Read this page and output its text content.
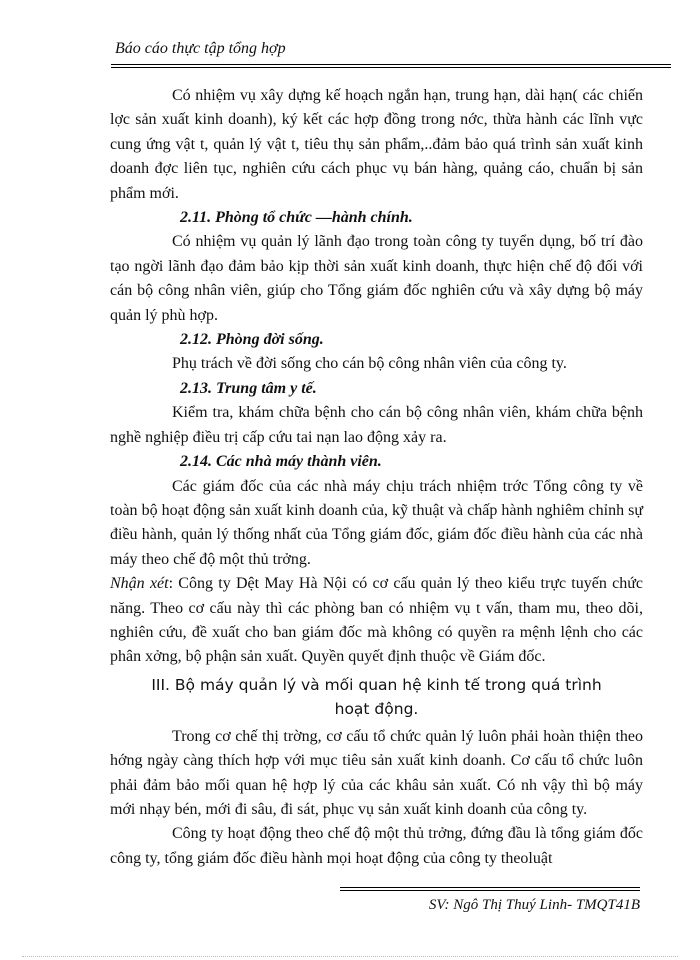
Báo cáo thực tập tổng hợp

Có nhiệm vụ xây dựng kế hoạch ngắn hạn, trung hạn, dài hạn( các chiến lợc sản xuất kinh doanh), ký kết các hợp đồng trong nớc, thừa hành các lĩnh vực cung ứng vật t, quản lý vật t, tiêu thụ sản phẩm,..đảm bảo quá trình sản xuất kinh doanh đợc liên tục, nghiên cứu cách phục vụ bán hàng, quảng cáo, chuẩn bị sản phẩm mới.

2.11. Phòng tổ chức —hành chính.

Có nhiệm vụ quản lý lãnh đạo trong toàn công ty tuyển dụng, bố trí đào tạo ngời lãnh đạo đảm bảo kịp thời sản xuất kinh doanh, thực hiện chế độ đối với cán bộ công nhân viên, giúp cho Tổng giám đốc nghiên cứu và xây dựng bộ máy quản lý phù hợp.

2.12. Phòng đời sống.

Phụ trách về đời sống cho cán bộ công nhân viên của công ty.

2.13. Trung tâm y tế.

Kiểm tra, khám chữa bệnh cho cán bộ công nhân viên, khám chữa bệnh nghề nghiệp điều trị cấp cứu tai nạn lao động xảy ra.

2.14. Các nhà máy thành viên.

Các giám đốc của các nhà máy chịu trách nhiệm trớc Tổng công ty về toàn bộ hoạt động sản xuất kinh doanh của, kỹ thuật và chấp hành nghiêm chỉnh sự điều hành, quản lý thống nhất của Tổng giám đốc, giám đốc điều hành của các nhà máy theo chế độ một thủ trởng.

Nhận xét: Công ty Dệt May Hà Nội có cơ cấu quản lý theo kiểu trực tuyến chức năng. Theo cơ cấu này thì các phòng ban có nhiệm vụ t vấn, tham mu, theo dõi, nghiên cứu, đề xuất cho ban giám đốc mà không có quyền ra mệnh lệnh cho các phân xởng, bộ phận sản xuất. Quyền quyết định thuộc về Giám đốc.

III. Bộ máy quản lý và mối quan hệ kinh tế trong quá trình
hoạt động.

Trong cơ chế thị trờng, cơ cấu tổ chức quản lý luôn phải hoàn thiện theo hớng ngày càng thích hợp với mục tiêu sản xuất kinh doanh. Cơ cấu tổ chức luôn phải đảm bảo mối quan hệ hợp lý của các khâu sản xuất. Có nh vậy thì bộ máy mới nhạy bén, mới đi sâu, đi sát, phục vụ sản xuất kinh doanh của công ty.

Công ty hoạt động theo chế độ một thủ trởng, đứng đầu là tổng giám đốc công ty, tổng giám đốc điều hành mọi hoạt động của công ty theoluật

SV: Ngô Thị Thuý Linh- TMQT41B
